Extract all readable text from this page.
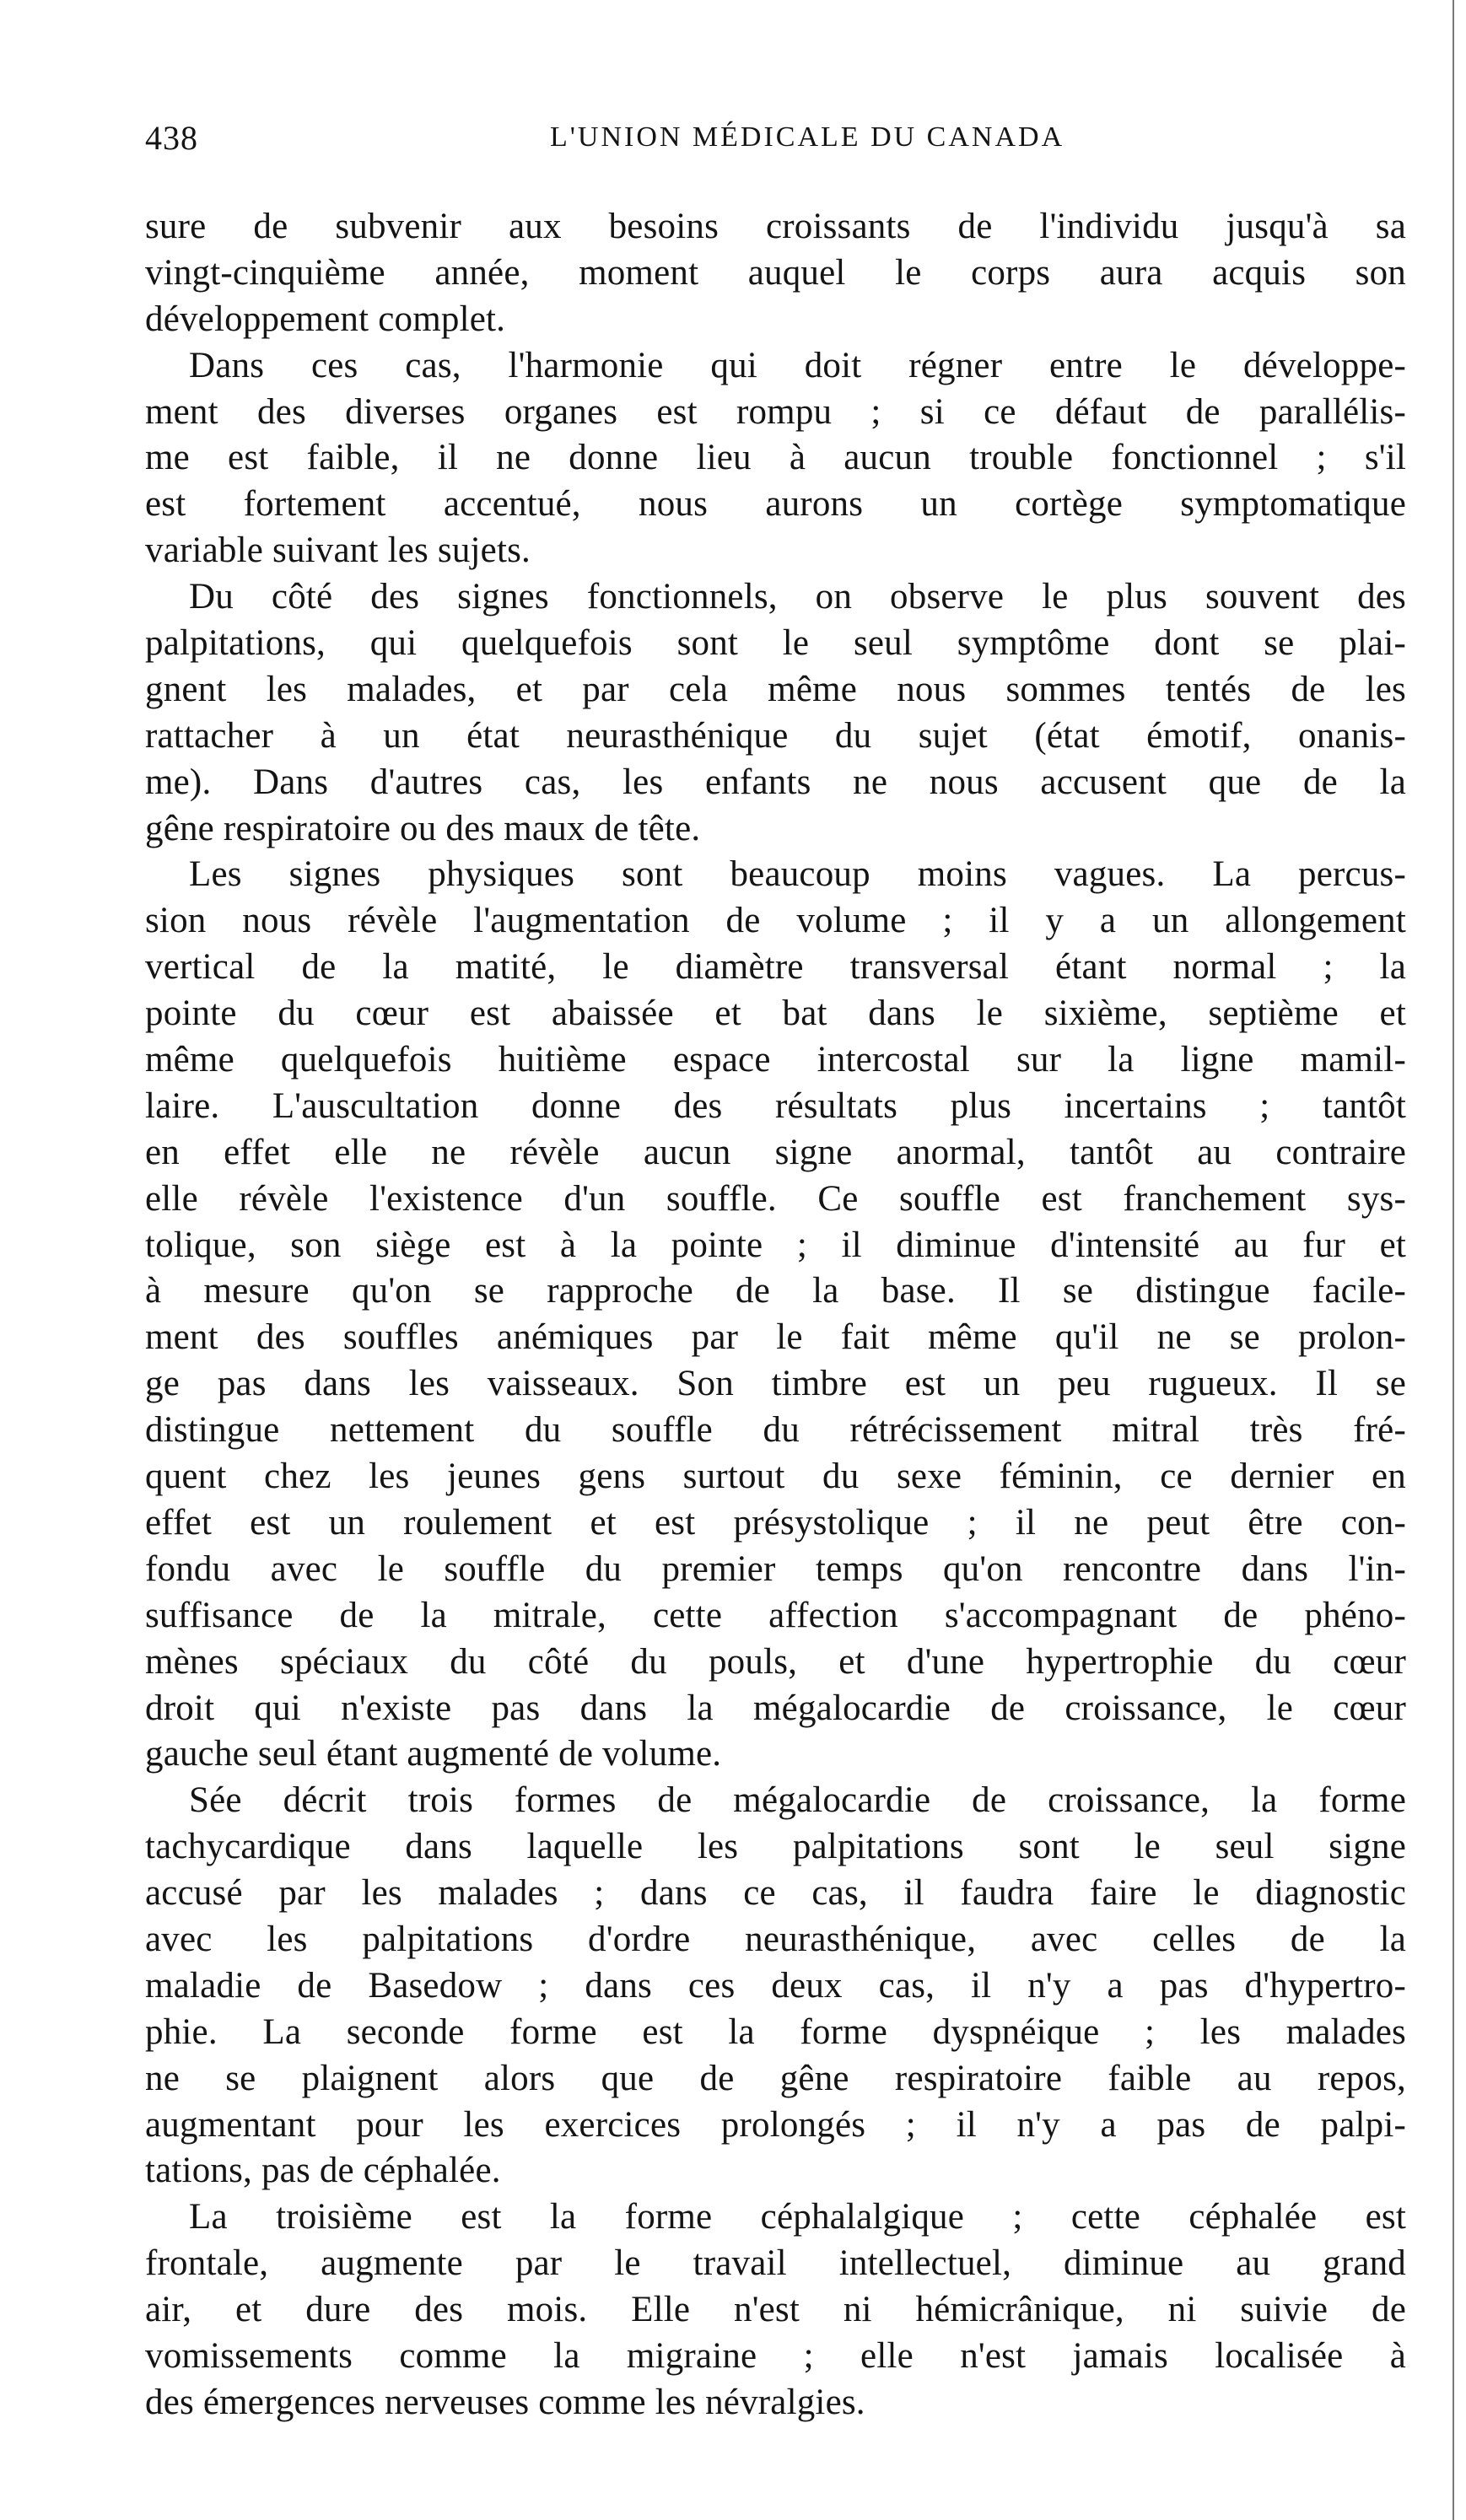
438	L'UNION MÉDICALE DU CANADA
sure de subvenir aux besoins croissants de l'individu jusqu'à sa
vingt-cinquième année, moment auquel le corps aura acquis son
développement complet.
Dans ces cas, l'harmonie qui doit régner entre le développe-
ment des diverses organes est rompu ; si ce défaut de parallélis-
me est faible, il ne donne lieu à aucun trouble fonctionnel ; s'il
est fortement accentué, nous aurons un cortège symptomatique
variable suivant les sujets.
Du côté des signes fonctionnels, on observe le plus souvent des
palpitations, qui quelquefois sont le seul symptôme dont se plai-
gnent les malades, et par cela même nous sommes tentés de les
rattacher à un état neurasthénique du sujet (état émotif, onanis-
me). Dans d'autres cas, les enfants ne nous accusent que de la
gêne respiratoire ou des maux de tête.
Les signes physiques sont beaucoup moins vagues. La percus-
sion nous révèle l'augmentation de volume ; il y a un allongement
vertical de la matité, le diamètre transversal étant normal ; la
pointe du cœur est abaissée et bat dans le sixième, septième et
même quelquefois huitième espace intercostal sur la ligne mamil-
laire. L'auscultation donne des résultats plus incertains ; tantôt
en effet elle ne révèle aucun signe anormal, tantôt au contraire
elle révèle l'existence d'un souffle. Ce souffle est franchement sys-
tolique, son siège est à la pointe ; il diminue d'intensité au fur et
à mesure qu'on se rapproche de la base. Il se distingue facile-
ment des souffles anémiques par le fait même qu'il ne se prolon-
ge pas dans les vaisseaux. Son timbre est un peu rugueux. Il se
distingue nettement du souffle du rétrécissement mitral très fré-
quent chez les jeunes gens surtout du sexe féminin, ce dernier en
effet est un roulement et est présystolique ; il ne peut être con-
fondu avec le souffle du premier temps qu'on rencontre dans l'in-
suffisance de la mitrale, cette affection s'accompagnant de phéno-
mènes spéciaux du côté du pouls, et d'une hypertrophie du cœur
droit qui n'existe pas dans la mégalocardie de croissance, le cœur
gauche seul étant augmenté de volume.
Sée décrit trois formes de mégalocardie de croissance, la forme
tachycardique dans laquelle les palpitations sont le seul signe
accusé par les malades ; dans ce cas, il faudra faire le diagnostic
avec les palpitations d'ordre neurasthénique, avec celles de la
maladie de Basedow ; dans ces deux cas, il n'y a pas d'hypertro-
phie. La seconde forme est la forme dyspnéique ; les malades
ne se plaignent alors que de gêne respiratoire faible au repos,
augmentant pour les exercices prolongés ; il n'y a pas de palpi-
tations, pas de céphalée.
La troisième est la forme céphalalgique ; cette céphalée est
frontale, augmente par le travail intellectuel, diminue au grand
air, et dure des mois. Elle n'est ni hémicrânique, ni suivie de
vomissements comme la migraine ; elle n'est jamais localisée à
des émergences nerveuses comme les névralgies.
